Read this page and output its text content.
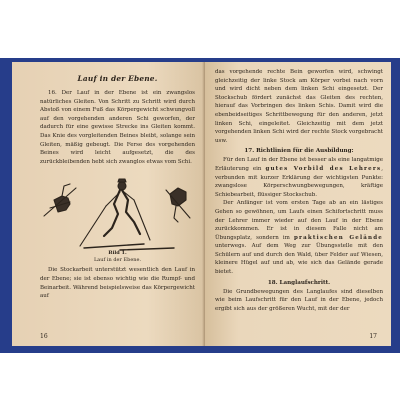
Lauf in der Ebene.

16. Der Lauf in der Ebene ist ein zwangslos natürliches Gleiten. Von Schritt zu Schritt wird durch Abstoß von einem Fuß das Körpergewicht schwungvoll auf den vorgehenden anderen Schi geworfen, der dadurch für eine gewisse Strecke ins Gleiten kommt. Das Knie des vorgleitenden Beines bleibt, solange sein Gleiten, mäßig gebeugt. Die Ferse des vorgehenden Beines wird leicht aufgesetzt, die des zurückbleibenden hebt sich zwanglos etwas vom Schi.

Bild 1.
Lauf in der Ebene.

Die Stockarbeit unterstützt wesentlich den Lauf in der Ebene; sie ist ebenso wichtig wie die Rumpf- und Beinarbeit. Während beispielsweise das Körpergewicht auf

16

das vorgehende rechte Bein geworfen wird, schwingt gleichzeitig der linke Stock am Körper vorbei nach vorn und wird dicht neben dem linken Schi eingesetzt. Der Stockschub fördert zunächst das Gleiten des rechten, hierauf das Vorbringen des linken Schis. Damit wird die ebenbeidseitiges Schrittbewegung für den anderen, jetzt linken Schi, eingeleitet. Gleichzeitig mit dem jetzt vorgehenden linken Schi wird der rechte Stock vorgebracht usw.

17. Richtlinien für die Ausbildung:

Für den Lauf in der Ebene ist besser als eine langatmige Erläuterung ein gutes Vorbild des Lehrers, verbunden mit kurzer Erklärung der wichtigsten Punkte: zwangslose Körperschwungbewegungen, kräftige Schiebearbeit, flüssiger Stockschub.

Der Anfänger ist vom ersten Tage ab an ein lästiges Gehen so gewöhnen, um Laufs einen Schifortschritt muss der Lehrer immer wieder auf den Lauf in der Ebene zurückkommen. Er ist in diesem Falle nicht am Übungsplatz, sondern im praktischen Gelände unterwegs. Auf dem Weg zur Übungsstelle mit den Schülern auf und durch den Wald, über Felder auf Wiesen, kleinere Hügel auf und ab, wie sich das Gelände gerade bietet.

18. Langlaufschritt.

Die Grundbewegungen des Langlaufes sind dieselben wie beim Laufschritt für den Lauf in der Ebene, jedoch ergibt sich aus der größeren Wucht, mit der der

17
